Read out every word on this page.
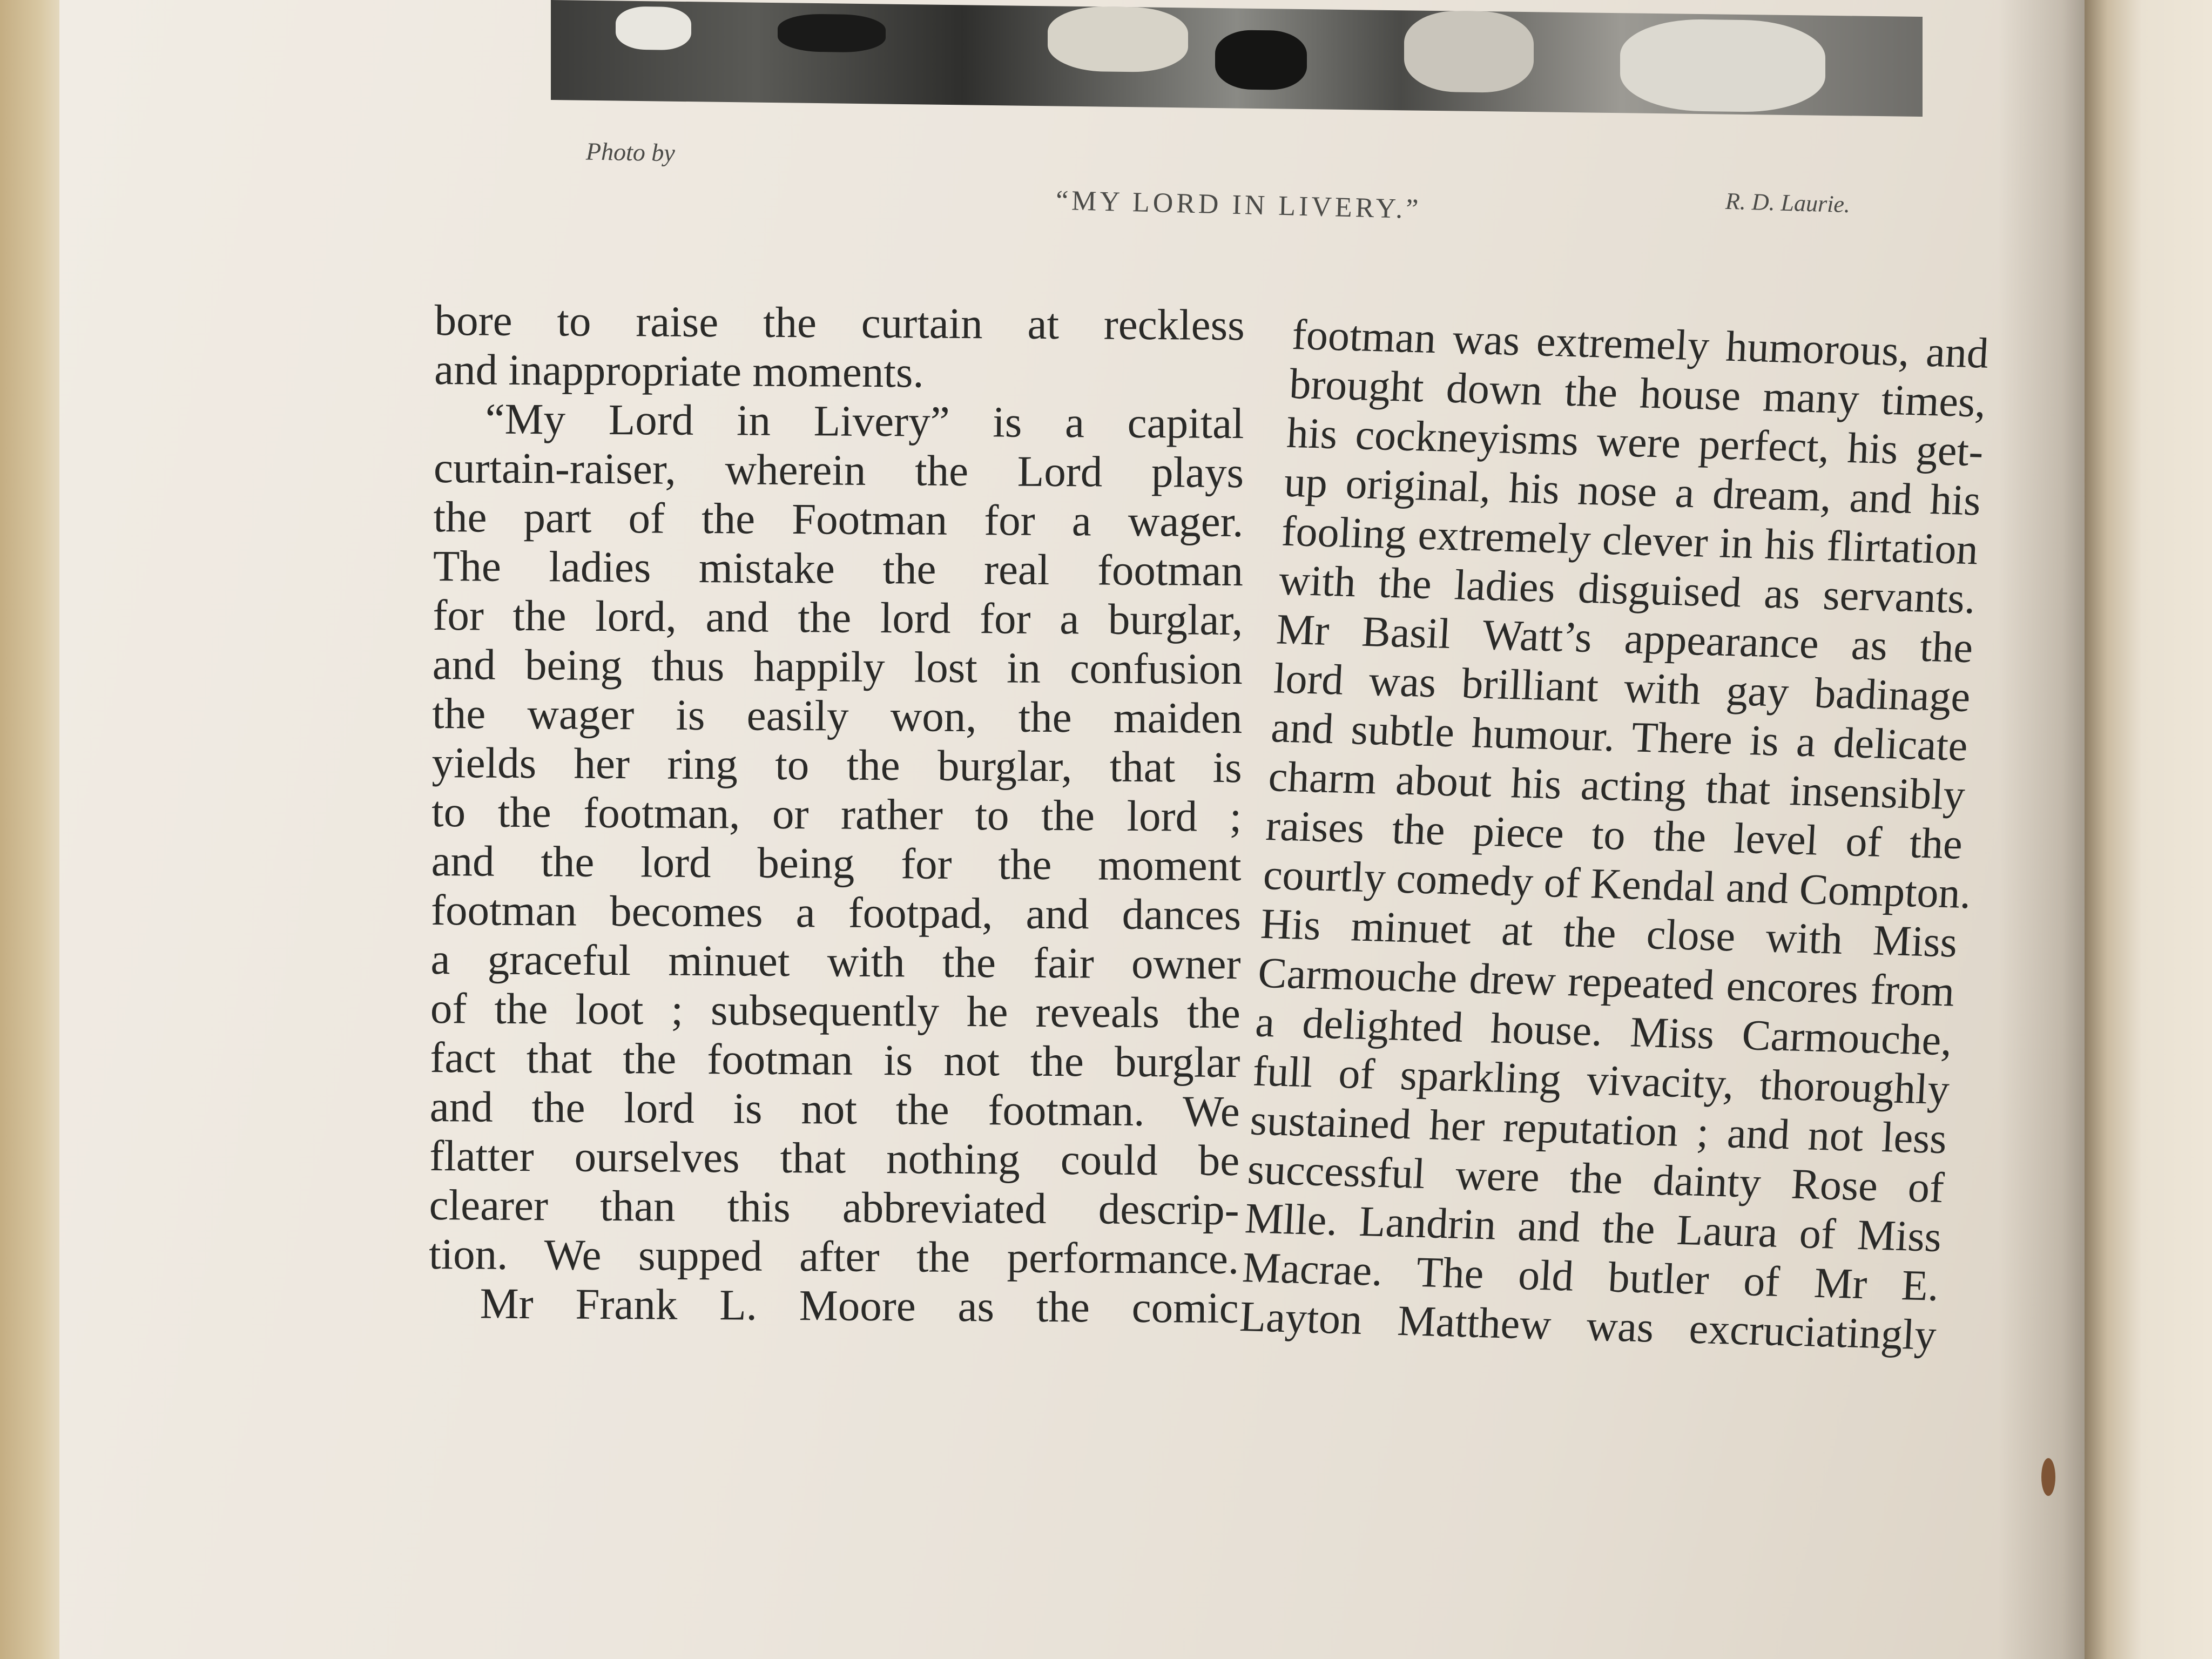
Photo by
“MY LORD IN LIVERY.”	R. D. Laurie.
bore to raise the curtain at reckless
and inappropriate moments.
“My Lord in Livery” is a capital
curtain-raiser, wherein the Lord plays
the part of the Footman for a wager.
The ladies mistake the real footman
for the lord, and the lord for a burglar,
and being thus happily lost in confusion
the wager is easily won, the maiden
yields her ring to the burglar, that is
to the footman, or rather to the lord ;
and the lord being for the moment
footman becomes a footpad, and dances
a graceful minuet with the fair owner
of the loot ; subsequently he reveals the
fact that the footman is not the burglar
and the lord is not the footman. We
flatter ourselves that nothing could be
clearer than this abbreviated descrip-
tion. We supped after the performance.
Mr Frank L. Moore as the comic
footman was extremely humorous, and
brought down the house many times,
his cockneyisms were perfect, his get-
up original, his nose a dream, and his
fooling extremely clever in his flirtation
with the ladies disguised as servants.
Mr Basil Watt’s appearance as the
lord was brilliant with gay badinage
and subtle humour. There is a delicate
charm about his acting that insensibly
raises the piece to the level of the
courtly comedy of Kendal and Compton.
His minuet at the close with Miss
Carmouche drew repeated encores from
a delighted house. Miss Carmouche,
full of sparkling vivacity, thoroughly
sustained her reputation ; and not less
successful were the dainty Rose of
Mlle. Landrin and the Laura of Miss
Macrae. The old butler of Mr E.
Layton Matthew was excruciatingly
